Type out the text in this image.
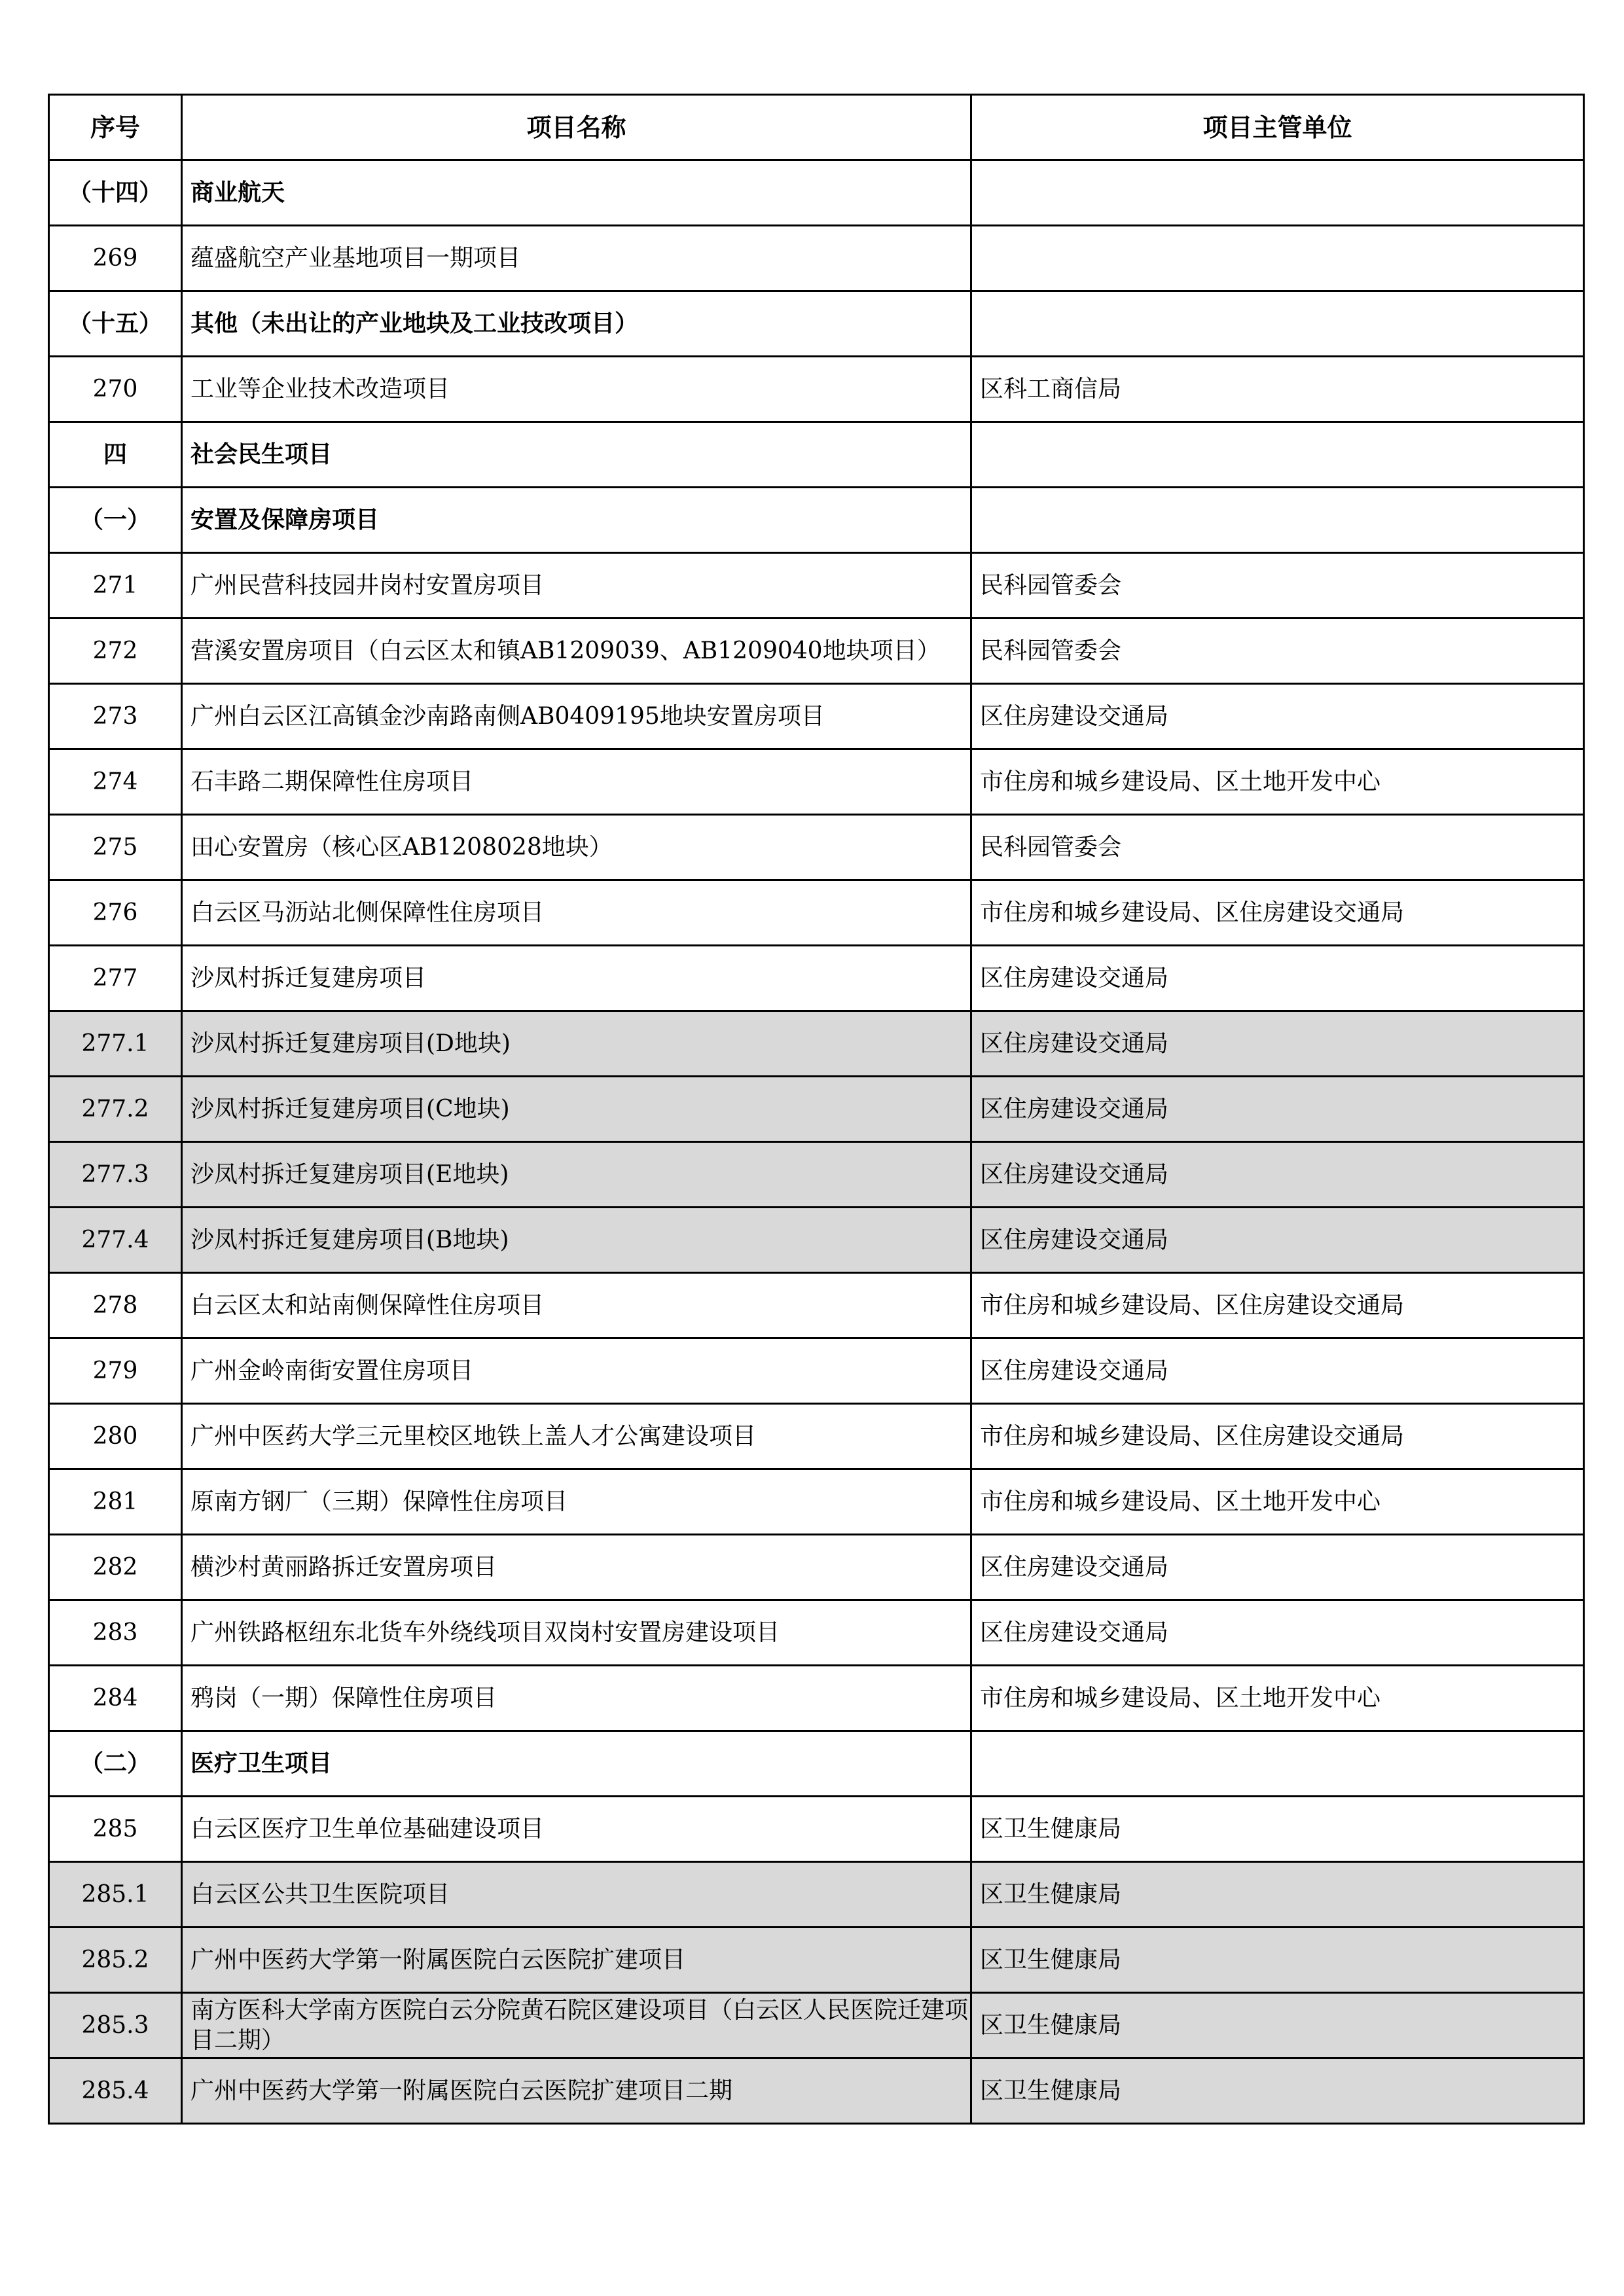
序号	项目名称	项目主管单位
（十四）	商业航天	
269	蕴盛航空产业基地项目一期项目	
（十五）	其他（未出让的产业地块及工业技改项目）	
270	工业等企业技术改造项目	区科工商信局
四	社会民生项目	
（一）	安置及保障房项目	
271	广州民营科技园井岗村安置房项目	民科园管委会
272	营溪安置房项目（白云区太和镇AB1209039、AB1209040地块项目）	民科园管委会
273	广州白云区江高镇金沙南路南侧AB0409195地块安置房项目	区住房建设交通局
274	石丰路二期保障性住房项目	市住房和城乡建设局、区土地开发中心
275	田心安置房（核心区AB1208028地块）	民科园管委会
276	白云区马沥站北侧保障性住房项目	市住房和城乡建设局、区住房建设交通局
277	沙凤村拆迁复建房项目	区住房建设交通局
277.1	沙凤村拆迁复建房项目(D地块)	区住房建设交通局
277.2	沙凤村拆迁复建房项目(C地块)	区住房建设交通局
277.3	沙凤村拆迁复建房项目(E地块)	区住房建设交通局
277.4	沙凤村拆迁复建房项目(B地块)	区住房建设交通局
278	白云区太和站南侧保障性住房项目	市住房和城乡建设局、区住房建设交通局
279	广州金岭南街安置住房项目	区住房建设交通局
280	广州中医药大学三元里校区地铁上盖人才公寓建设项目	市住房和城乡建设局、区住房建设交通局
281	原南方钢厂（三期）保障性住房项目	市住房和城乡建设局、区土地开发中心
282	横沙村黄丽路拆迁安置房项目	区住房建设交通局
283	广州铁路枢纽东北货车外绕线项目双岗村安置房建设项目	区住房建设交通局
284	鸦岗（一期）保障性住房项目	市住房和城乡建设局、区土地开发中心
（二）	医疗卫生项目	
285	白云区医疗卫生单位基础建设项目	区卫生健康局
285.1	白云区公共卫生医院项目	区卫生健康局
285.2	广州中医药大学第一附属医院白云医院扩建项目	区卫生健康局
285.3	南方医科大学南方医院白云分院黄石院区建设项目（白云区人民医院迁建项目二期）	区卫生健康局
285.4	广州中医药大学第一附属医院白云医院扩建项目二期	区卫生健康局
